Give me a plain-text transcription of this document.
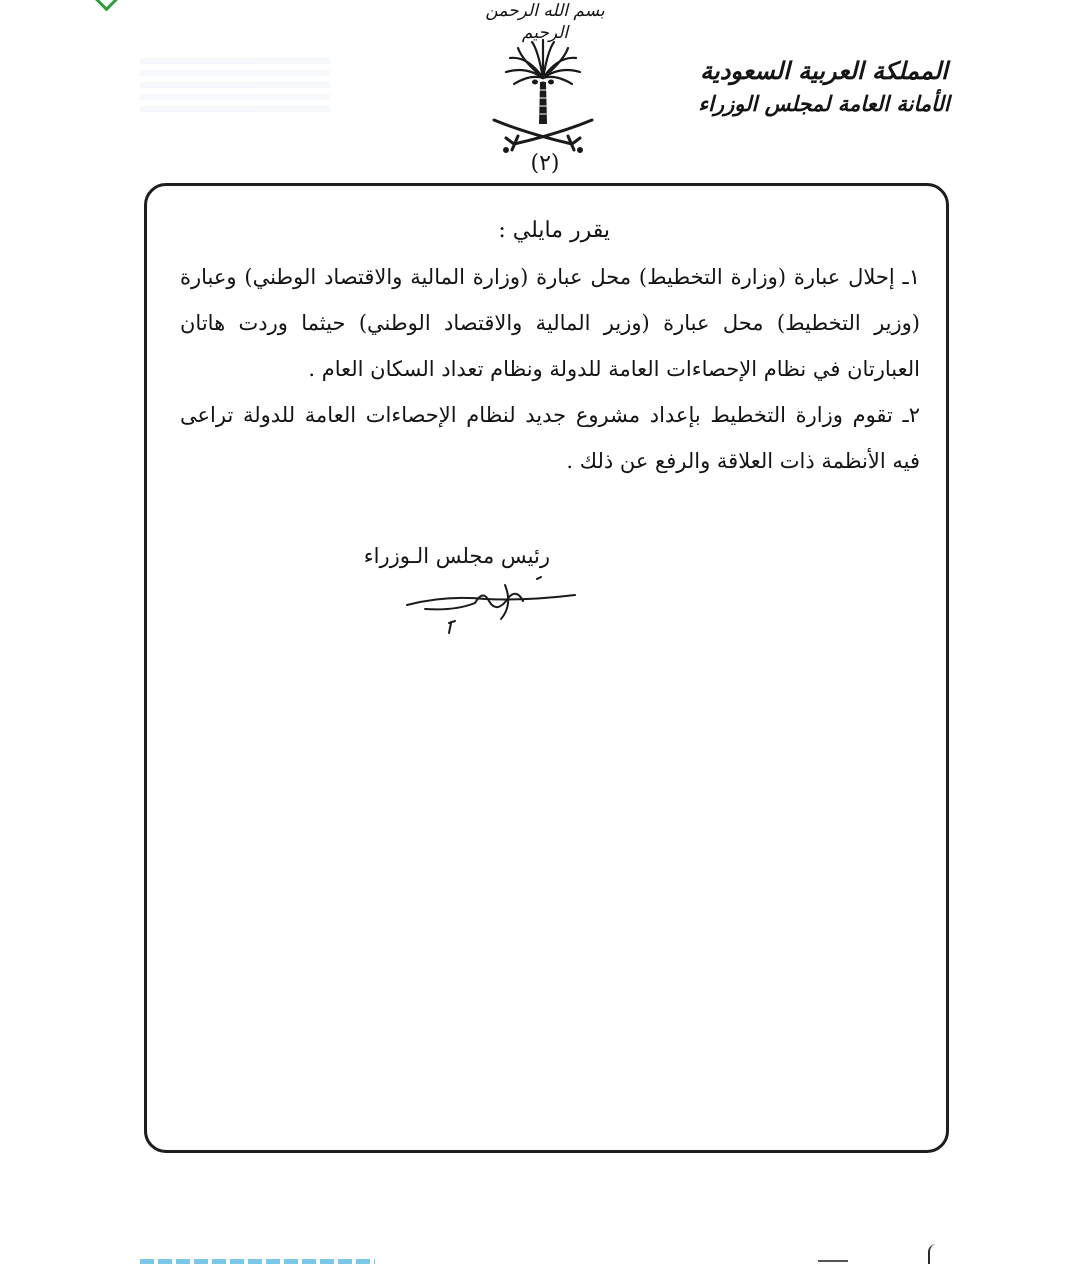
بسم الله الرحمن الرحيم
(٢)
المملكة العربية السعودية
الأمانة العامة لمجلس الوزراء
يقرر مايلي :
١ـ إحلال عبارة (وزارة التخطيط) محل عبارة (وزارة المالية والاقتصاد الوطني) وعبارة (وزير التخطيط) محل عبارة (وزير المالية والاقتصاد الوطني) حيثما وردت هاتان العبارتان في نظام الإحصاءات العامة للدولة ونظام تعداد السكان العام .
٢ـ تقوم وزارة التخطيط بإعداد مشروع جديد لنظام الإحصاءات العامة للدولة تراعى فيه الأنظمة ذات العلاقة والرفع عن ذلك .
رئيس مجلس الـوزراء
